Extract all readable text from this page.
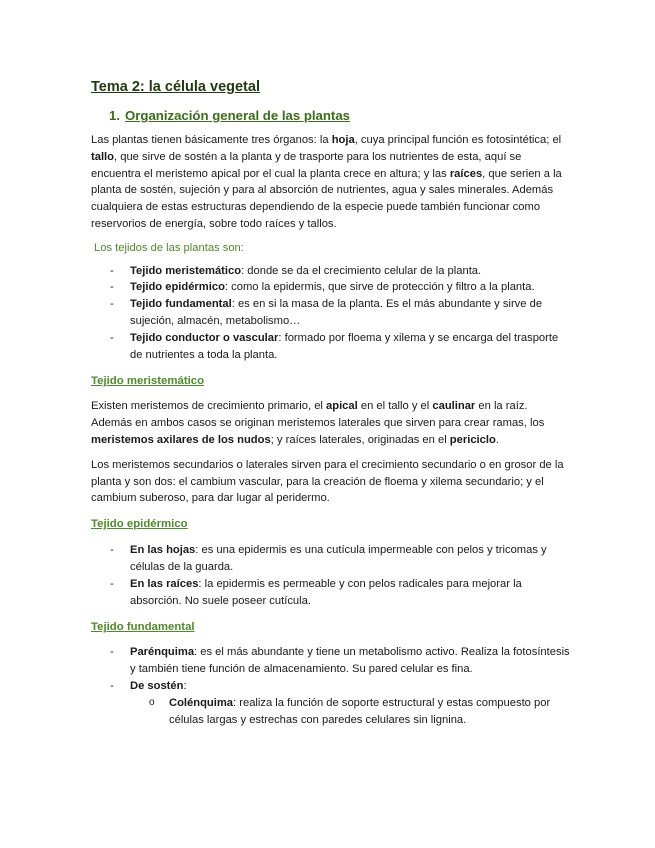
Tema 2: la célula vegetal
1. Organización general de las plantas

Las plantas tienen básicamente tres órganos: la hoja, cuya principal función es fotosintética; el tallo, que sirve de sostén a la planta y de trasporte para los nutrientes de esta, aquí se encuentra el meristemo apical por el cual la planta crece en altura; y las raíces, que serien a la planta de sostén, sujeción y para al absorción de nutrientes, agua y sales minerales. Además cualquiera de estas estructuras dependiendo de la especie puede también funcionar como reservorios de energía, sobre todo raíces y tallos.

Los tejidos de las plantas son:

- Tejido meristemático: donde se da el crecimiento celular de la planta.
- Tejido epidérmico: como la epidermis, que sirve de protección y filtro a la planta.
- Tejido fundamental: es en si la masa de la planta. Es el más abundante y sirve de sujeción, almacén, metabolismo…
- Tejido conductor o vascular: formado por floema y xilema y se encarga del trasporte de nutrientes a toda la planta.
Tejido meristemático

Existen meristemos de crecimiento primario, el apical en el tallo y el caulinar en la raíz. Además en ambos casos se originan meristemos laterales que sirven para crear ramas, los meristemos axilares de los nudos; y raíces laterales, originadas en el periciclo.

Los meristemos secundarios o laterales sirven para el crecimiento secundario o en grosor de la planta y son dos: el cambium vascular, para la creación de floema y xilema secundario; y el cambium suberoso, para dar lugar al peridermo.

Tejido epidérmico
- En las hojas: es una epidermis es una cutícula impermeable con pelos y tricomas y células de la guarda.
- En las raíces: la epidermis es permeable y con pelos radicales para mejorar la absorción. No suele poseer cutícula.
Tejido fundamental
- Parénquima: es el más abundante y tiene un metabolismo activo. Realiza la fotosíntesis y también tiene función de almacenamiento. Su pared celular es fina.
- De sostén:
o Colénquima: realiza la función de soporte estructural y estas compuesto por células largas y estrechas con paredes celulares sin lignina.
